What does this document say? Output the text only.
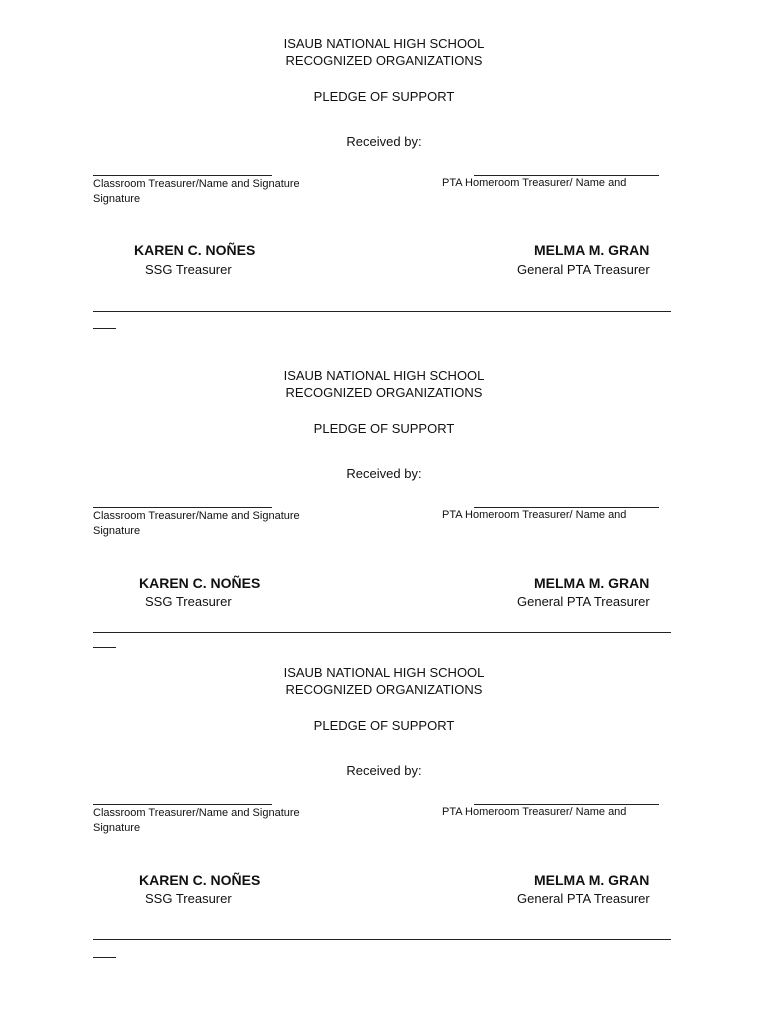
ISAUB NATIONAL HIGH SCHOOL
RECOGNIZED ORGANIZATIONS
PLEDGE OF SUPPORT
Received by:
Classroom Treasurer/Name and Signature
Signature
PTA Homeroom Treasurer/ Name and
KAREN C. NOÑES
SSG Treasurer
MELMA M. GRAN
General PTA Treasurer
ISAUB NATIONAL HIGH SCHOOL
RECOGNIZED ORGANIZATIONS
PLEDGE OF SUPPORT
Received by:
Classroom Treasurer/Name and Signature
Signature
PTA Homeroom Treasurer/ Name and
KAREN C. NOÑES
SSG Treasurer
MELMA M. GRAN
General PTA Treasurer
ISAUB NATIONAL HIGH SCHOOL
RECOGNIZED ORGANIZATIONS
PLEDGE OF SUPPORT
Received by:
Classroom Treasurer/Name and Signature
Signature
PTA Homeroom Treasurer/ Name and
KAREN C. NOÑES
SSG Treasurer
MELMA M. GRAN
General PTA Treasurer
